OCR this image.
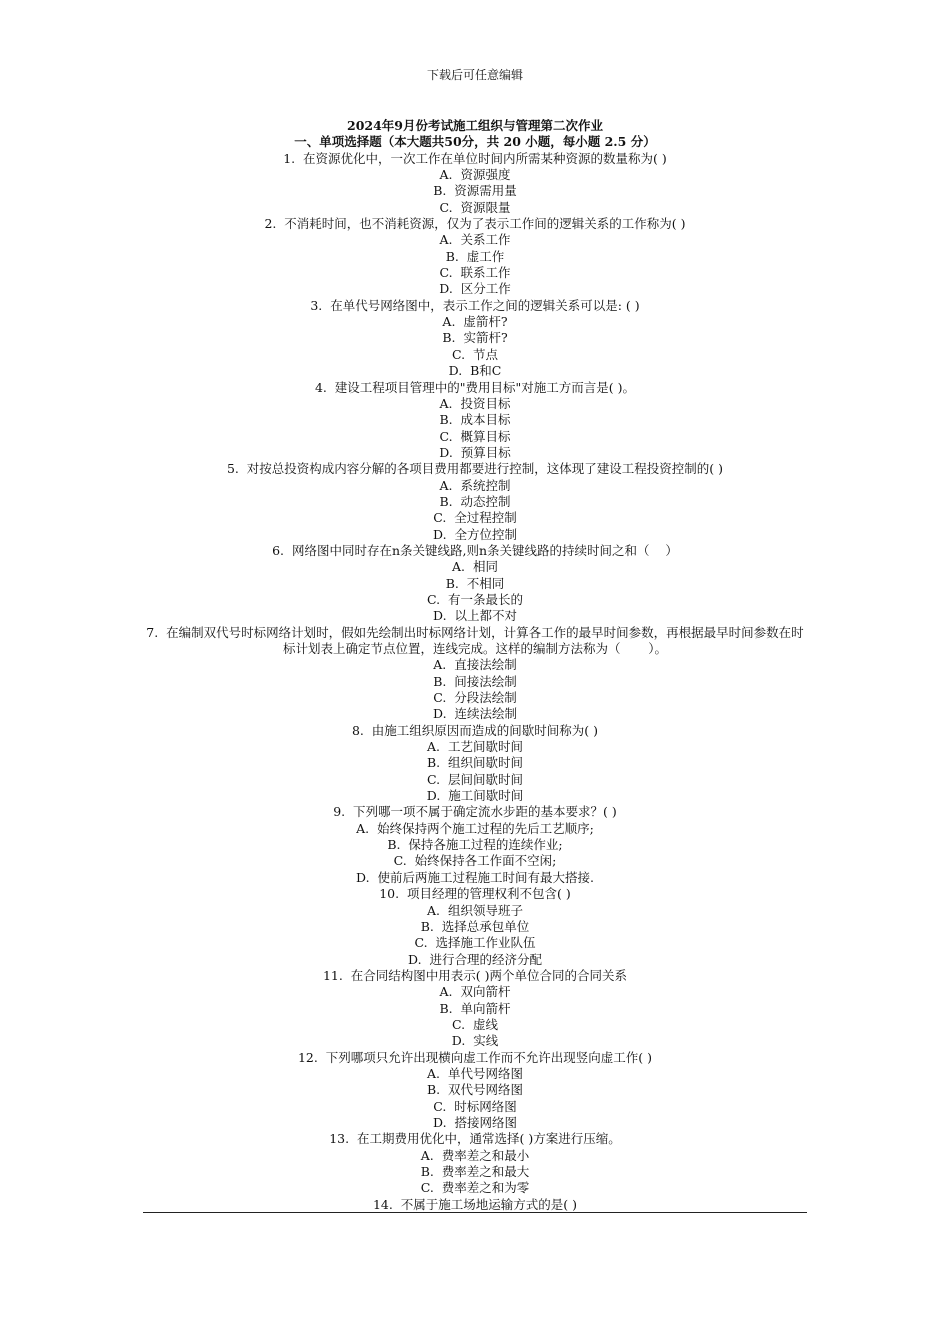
下载后可任意编辑
2024年9月份考试施工组织与管理第二次作业
一、单项选择题（本大题共50分，共 20 小题，每小题 2.5 分）
1.  在资源优化中，一次工作在单位时间内所需某种资源的数量称为( )
A.  资源强度
B.  资源需用量
C.  资源限量
2.  不消耗时间，也不消耗资源，仅为了表示工作间的逻辑关系的工作称为( )
A.  关系工作
B.  虚工作
C.  联系工作
D.  区分工作
3.  在单代号网络图中，表示工作之间的逻辑关系可以是: ( )
A.  虚箭杆?
B.  实箭杆?
C.  节点
D.  B和C
4.  建设工程项目管理中的"费用目标"对施工方而言是( )。
A.  投资目标
B.  成本目标
C.  概算目标
D.  预算目标
5.  对按总投资构成内容分解的各项目费用都要进行控制，这体现了建设工程投资控制的( )
A.  系统控制
B.  动态控制
C.  全过程控制
D.  全方位控制
6.  网络图中同时存在n条关键线路,则n条关键线路的持续时间之和（    ）
A.  相同
B.  不相同
C.  有一条最长的
D.  以上都不对
7.  在编制双代号时标网络计划时，假如先绘制出时标网络计划，计算各工作的最早时间参数，再根据最早时间参数在时标计划表上确定节点位置，连线完成。这样的编制方法称为（       ）。
A.  直接法绘制
B.  间接法绘制
C.  分段法绘制
D.  连续法绘制
8.  由施工组织原因而造成的间歇时间称为( )
A.  工艺间歇时间
B.  组织间歇时间
C.  层间间歇时间
D.  施工间歇时间
9.  下列哪一项不属于确定流水步距的基本要求？( )
A.  始终保持两个施工过程的先后工艺顺序;
B.  保持各施工过程的连续作业;
C.  始终保持各工作面不空闲;
D.  使前后两施工过程施工时间有最大搭接.
10.  项目经理的管理权利不包含( )
A.  组织领导班子
B.  选择总承包单位
C.  选择施工作业队伍
D.  进行合理的经济分配
11.  在合同结构图中用表示( )两个单位合同的合同关系
A.  双向箭杆
B.  单向箭杆
C.  虚线
D.  实线
12.  下列哪项只允许出现横向虚工作而不允许出现竖向虚工作( )
A.  单代号网络图
B.  双代号网络图
C.  时标网络图
D.  搭接网络图
13.  在工期费用优化中，通常选择( )方案进行压缩。
A.  费率差之和最小
B.  费率差之和最大
C.  费率差之和为零
14.  不属于施工场地运输方式的是( )
